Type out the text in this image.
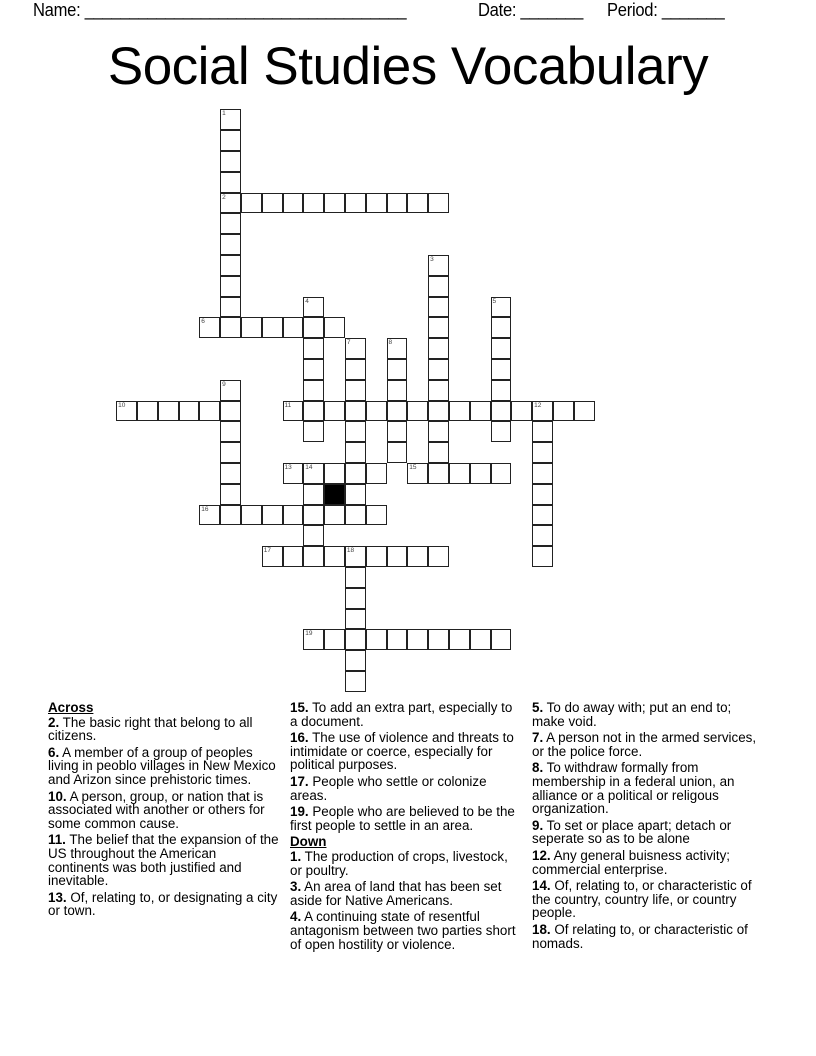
Name: ____________________________________	Date: _______ Period: _______
Social Studies Vocabulary
1
2
3
4	5
6
7	8
9
10	11	12
13 14	15
16
17	18
19
Across
2. The basic right that belong to all citizens.
6. A member of a group of peoples living in peoblo villages in New Mexico and Arizon since prehistoric times.
10. A person, group, or nation that is associated with another or others for some common cause.
11. The belief that the expansion of the US throughout the American continents was both justified and inevitable.
13. Of, relating to, or designating a city or town.
15. To add an extra part, especially to a document.
16. The use of violence and threats to intimidate or coerce, especially for political purposes.
17. People who settle or colonize areas.
19. People who are believed to be the first people to settle in an area.
Down
1. The production of crops, livestock, or poultry.
3. An area of land that has been set aside for Native Americans.
4. A continuing state of resentful antagonism between two parties short of open hostility or violence.
5. To do away with; put an end to; make void.
7. A person not in the armed services, or the police force.
8. To withdraw formally from membership in a federal union, an alliance or a political or religous organization.
9. To set or place apart; detach or seperate so as to be alone
12. Any general buisness activity; commercial enterprise.
14. Of, relating to, or characteristic of the country, country life, or country people.
18. Of relating to, or characteristic of nomads.
